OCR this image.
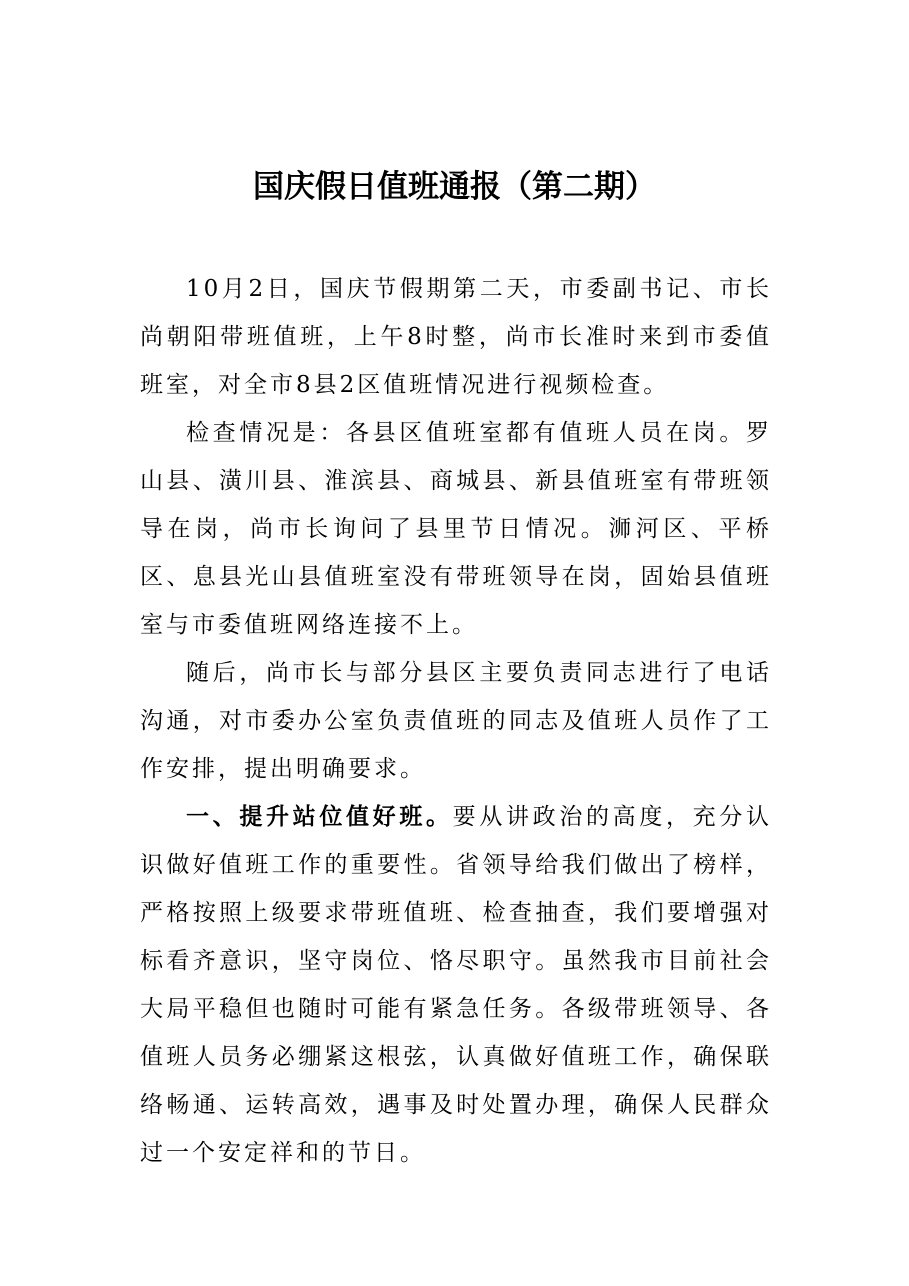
国庆假日值班通报（第二期）

10月2日，国庆节假期第二天，市委副书记、市长尚朝阳带班值班，上午8时整，尚市长准时来到市委值班室，对全市8县2区值班情况进行视频检查。

检查情况是：各县区值班室都有值班人员在岗。罗山县、潢川县、淮滨县、商城县、新县值班室有带班领导在岗，尚市长询问了县里节日情况。浉河区、平桥区、息县光山县值班室没有带班领导在岗，固始县值班室与市委值班网络连接不上。

随后，尚市长与部分县区主要负责同志进行了电话沟通，对市委办公室负责值班的同志及值班人员作了工作安排，提出明确要求。

一、提升站位值好班。要从讲政治的高度，充分认识做好值班工作的重要性。省领导给我们做出了榜样，严格按照上级要求带班值班、检查抽查，我们要增强对标看齐意识，坚守岗位、恪尽职守。虽然我市目前社会大局平稳但也随时可能有紧急任务。各级带班领导、各值班人员务必绷紧这根弦，认真做好值班工作，确保联络畅通、运转高效，遇事及时处置办理，确保人民群众过一个安定祥和的节日。
